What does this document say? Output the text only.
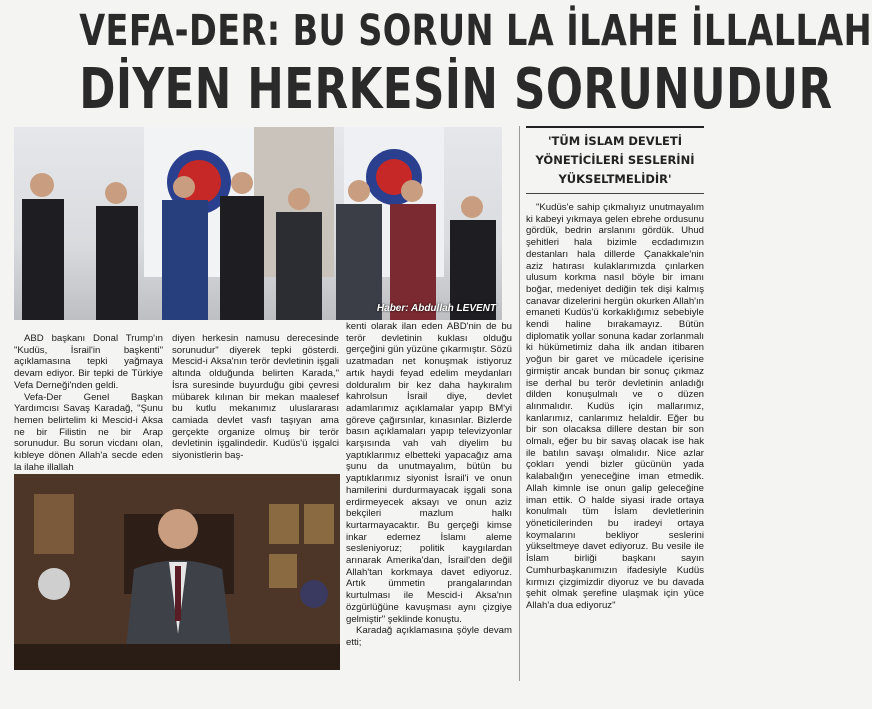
VEFA-DER: BU SORUN LA İLAHE İLLALLAH
DİYEN HERKESİN SORUNUDUR
Haber: Abdullah LEVENT

ABD başkanı Donal Trump'ın "Kudüs, İsrail'in başkenti" açıklamasına tepki yağmaya devam ediyor. Bir tepki de Türkiye Vefa Derneği'nden geldi.

Vefa-Der Genel Başkan Yardımcısı Savaş Karadağ, "Şunu hemen belirtelim ki Mescid-i Aksa ne bir Filistin ne bir Arap sorunudur. Bu sorun vicdanı olan, kıbleye dönen Allah'a secde eden la ilahe illallah

diyen herkesin namusu derecesinde sorunudur" diyerek tepki gösterdi. Mescid-i Aksa'nın terör devletinin işgali altında olduğunda belirten Karada," İsra suresinde buyurduğu gibi çevresi mübarek kılınan bir mekan maalesef bu kutlu mekanımız uluslararası camiada devlet vasfı taşıyan ama gerçekte organize olmuş bir terör devletinin işgalindedir. Kudüs'ü işgalci siyonistlerin baş-

kenti olarak ilan eden ABD'nin de bu terör devletinin kuklası olduğu gerçeğini gün yüzüne çıkarmıştır. Sözü uzatmadan net konuşmak istiyoruz artık haydi feyad edelim meydanları dolduralım bir kez daha haykıralım kahrolsun İsrail diye, devlet adamlarımız açıklamalar yapıp BM'yi göreve çağırsınlar, kınasınlar. Bizlerde basın açıklamaları yapıp televizyonlar karşısında vah vah diyelim bu yaptıklarımız elbetteki yapacağız ama şunu da unutmayalım, bütün bu yaptıklarımız siyonist İsrail'i ve onun hamilerini durdurmayacak işgali sona erdirmeyecek aksayı ve onun aziz bekçileri mazlum halkı kurtarmayacaktır. Bu gerçeği kimse inkar edemez İslamı aleme sesleniyoruz; politik kaygılardan arınarak Amerika'dan, İsrail'den değil Allah'tan korkmaya davet ediyoruz. Artık ümmetin prangalarından kurtulması ile Mescid-i Aksa'nın özgürlüğüne kavuşması aynı çizgiye gelmiştir" şeklinde konuştu.

Karadağ açıklamasına şöyle devam etti;

'TÜM İSLAM DEVLETİ YÖNETİCİLERİ SESLERİNİ YÜKSELTMELİDİR'

"Kudüs'e sahip çıkmalıyız unutmayalım ki kabeyi yıkmaya gelen ebrehe ordusunu gördük, bedrin arslanını gördük. Uhud şehitleri hala bizimle ecdadımızın destanları hala dillerde Çanakkale'nin aziz hatırası kulaklarımızda çınlarken ulusum korkma nasıl böyle bir imanı boğar, medeniyet dediğin tek dişi kalmış canavar dizelerini hergün okurken Allah'ın emaneti Kudüs'ü korkaklığımız sebebiyle kendi haline bırakamayız. Bütün diplomatik yollar sonuna kadar zorlanmalı ki hükümetimiz daha ilk andan itibaren yoğun bir garet ve mücadele içerisine girmiştir ancak bundan bir sonuç çıkmaz ise derhal bu terör devletinin anladığı dilden konuşulmalı ve o düzen alınmalıdır. Kudüs için mallarımız, kanlarımız, canlarımız helaldir. Eğer bu bir son olacaksa dillere destan bir son olmalı, eğer bu bir savaş olacak ise hak ile batılın savaşı olmalıdır. Nice azlar çokları yendi bizler gücünün yada kalabalığın yeneceğine iman etmedik. Allah kimnle ise onun galip geleceğine iman ettik. O halde siyasi irade ortaya konulmalı tüm İslam devletlerinin yöneticilerinden bu iradeyi ortaya koymalarını bekliyor seslerini yükseltmeye davet ediyoruz. Bu vesile ile İslam birliği başkanı sayın Cumhurbaşkanımızın ifadesiyle Kudüs kırmızı çizgimizdir diyoruz ve bu davada şehit olmak şerefine ulaşmak için yüce Allah'a dua ediyoruz"
